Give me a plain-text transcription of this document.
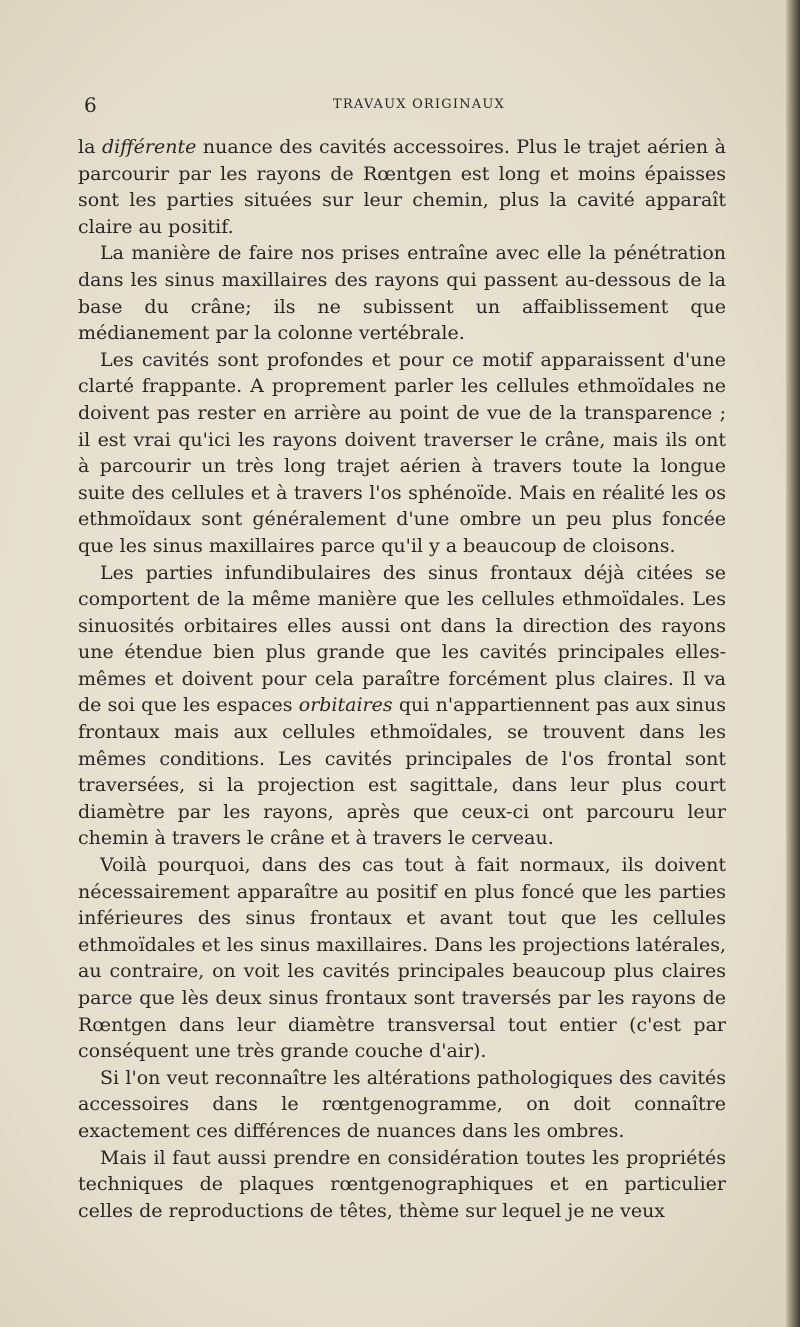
6	TRAVAUX ORIGINAUX

la différente nuance des cavités accessoires. Plus le trajet aérien à parcourir par les rayons de Rœntgen est long et moins épaisses sont les parties situées sur leur chemin, plus la cavité apparaît claire au positif.

La manière de faire nos prises entraîne avec elle la pénétration dans les sinus maxillaires des rayons qui passent au-dessous de la base du crâne; ils ne subissent un affaiblissement que médianement par la colonne vertébrale.

Les cavités sont profondes et pour ce motif apparaissent d'une clarté frappante. A proprement parler les cellules ethmoïdales ne doivent pas rester en arrière au point de vue de la transparence ; il est vrai qu'ici les rayons doivent traverser le crâne, mais ils ont à parcourir un très long trajet aérien à travers toute la longue suite des cellules et à travers l'os sphénoïde. Mais en réalité les os ethmoïdaux sont généralement d'une ombre un peu plus foncée que les sinus maxillaires parce qu'il y a beaucoup de cloisons.

Les parties infundibulaires des sinus frontaux déjà citées se comportent de la même manière que les cellules ethmoïdales. Les sinuosités orbitaires elles aussi ont dans la direction des rayons une étendue bien plus grande que les cavités principales elles-mêmes et doivent pour cela paraître forcément plus claires. Il va de soi que les espaces orbitaires qui n'appartiennent pas aux sinus frontaux mais aux cellules ethmoïdales, se trouvent dans les mêmes conditions. Les cavités principales de l'os frontal sont traversées, si la projection est sagittale, dans leur plus court diamètre par les rayons, après que ceux-ci ont parcouru leur chemin à travers le crâne et à travers le cerveau.

Voilà pourquoi, dans des cas tout à fait normaux, ils doivent nécessairement apparaître au positif en plus foncé que les parties inférieures des sinus frontaux et avant tout que les cellules ethmoïdales et les sinus maxillaires. Dans les projections latérales, au contraire, on voit les cavités principales beaucoup plus claires parce que lès deux sinus frontaux sont traversés par les rayons de Rœntgen dans leur diamètre transversal tout entier (c'est par conséquent une très grande couche d'air).

Si l'on veut reconnaître les altérations pathologiques des cavités accessoires dans le rœntgenogramme, on doit connaître exactement ces différences de nuances dans les ombres.

Mais il faut aussi prendre en considération toutes les propriétés techniques de plaques rœntgenographiques et en particulier celles de reproductions de têtes, thème sur lequel je ne veux
